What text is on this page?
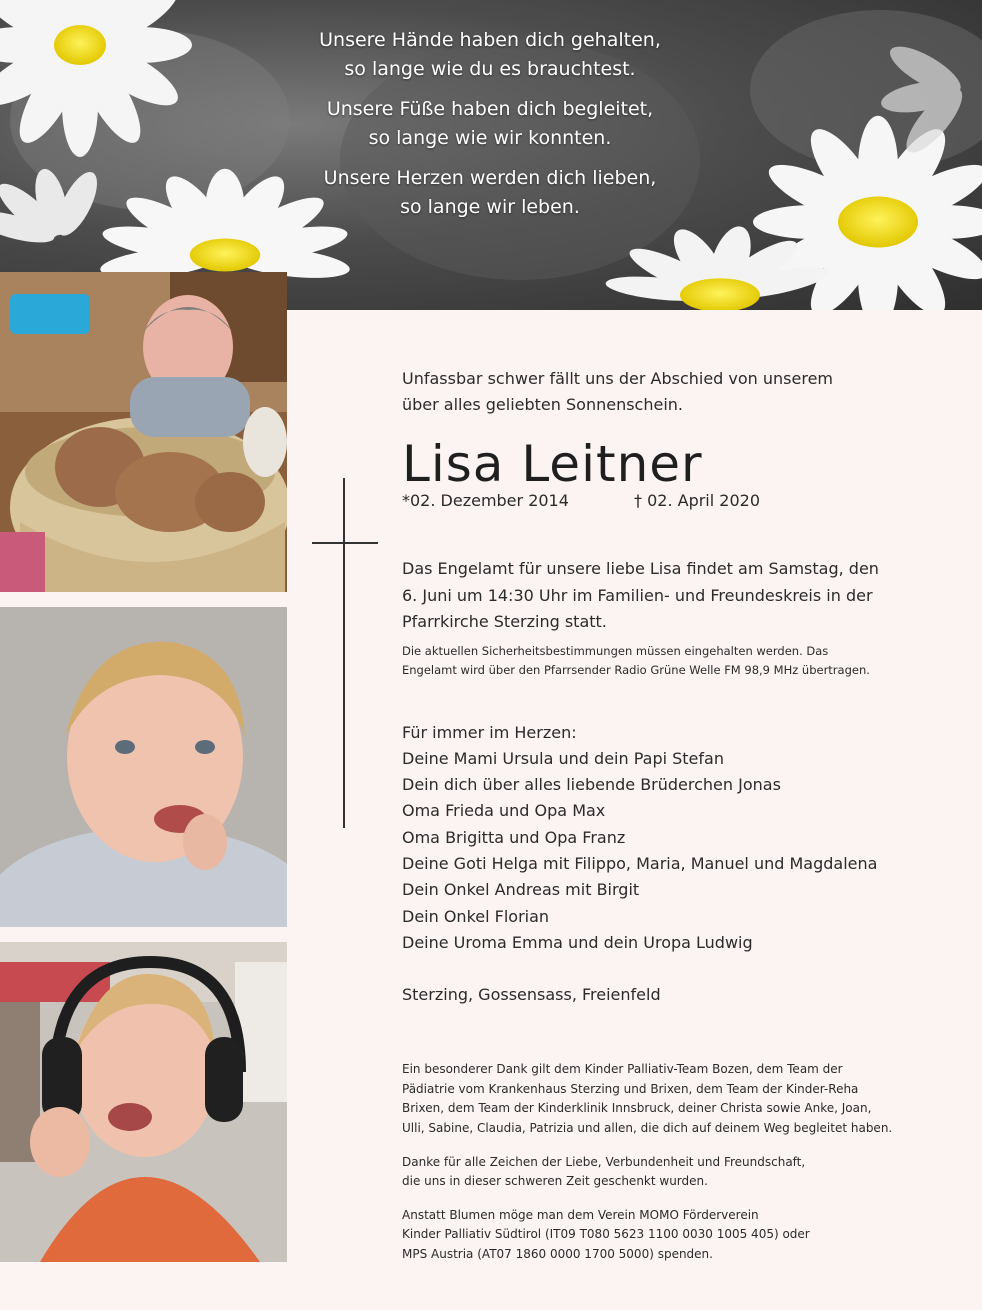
Unsere Hände haben dich gehalten,
so lange wie du es brauchtest.
Unsere Füße haben dich begleitet,
so lange wie wir konnten.
Unsere Herzen werden dich lieben,
so lange wir leben.
Unfassbar schwer fällt uns der Abschied von unserem
über alles geliebten Sonnenschein.
Lisa Leitner
*02. Dezember 2014	† 02. April 2020
Das Engelamt für unsere liebe Lisa findet am Samstag, den
6. Juni um 14:30 Uhr im Familien- und Freundeskreis in der
Pfarrkirche Sterzing statt.
Die aktuellen Sicherheitsbestimmungen müssen eingehalten werden. Das
Engelamt wird über den Pfarrsender Radio Grüne Welle FM 98,9 MHz übertragen.
Für immer im Herzen:
Deine Mami Ursula und dein Papi Stefan
Dein dich über alles liebende Brüderchen Jonas
Oma Frieda und Opa Max
Oma Brigitta und Opa Franz
Deine Goti Helga mit Filippo, Maria, Manuel und Magdalena
Dein Onkel Andreas mit Birgit
Dein Onkel Florian
Deine Uroma Emma und dein Uropa Ludwig
Sterzing, Gossensass, Freienfeld
Ein besonderer Dank gilt dem Kinder Palliativ-Team Bozen, dem Team der
Pädiatrie vom Krankenhaus Sterzing und Brixen, dem Team der Kinder-Reha
Brixen, dem Team der Kinderklinik Innsbruck, deiner Christa sowie Anke, Joan,
Ulli, Sabine, Claudia, Patrizia und allen, die dich auf deinem Weg begleitet haben.
Danke für alle Zeichen der Liebe, Verbundenheit und Freundschaft,
die uns in dieser schweren Zeit geschenkt wurden.
Anstatt Blumen möge man dem Verein MOMO Förderverein
Kinder Palliativ Südtirol (IT09 T080 5623 1100 0030 1005 405) oder
MPS Austria (AT07 1860 0000 1700 5000) spenden.
